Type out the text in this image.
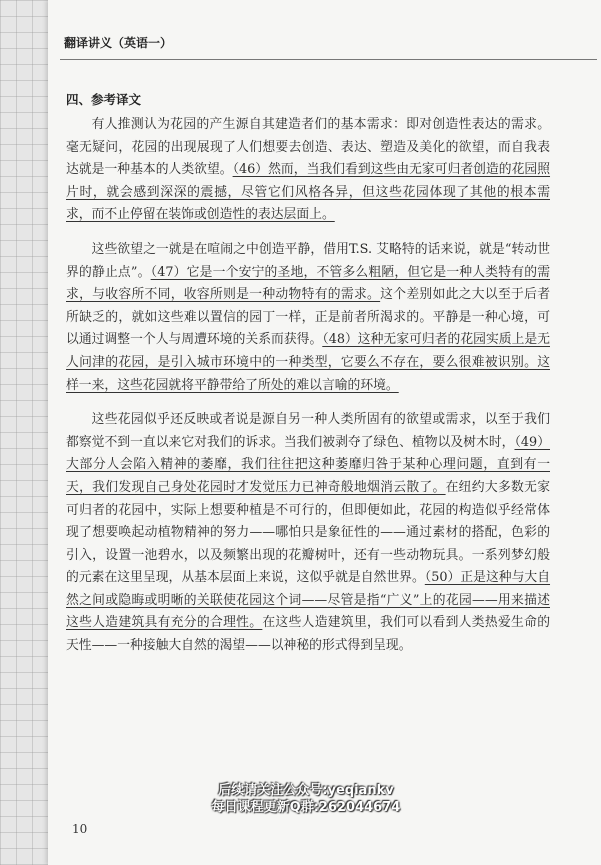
翻译讲义（英语一）
四、参考译文

有人推测认为花园的产生源自其建造者们的基本需求：即对创造性表达的需求。毫无疑问，花园的出现展现了人们想要去创造、表达、塑造及美化的欲望，而自我表达就是一种基本的人类欲望。（46）然而，当我们看到这些由无家可归者创造的花园照片时，就会感到深深的震撼，尽管它们风格各异，但这些花园体现了其他的根本需求，而不止停留在装饰或创造性的表达层面上。

这些欲望之一就是在喧闹之中创造平静，借用T.S. 艾略特的话来说，就是“转动世界的静止点”。（47）它是一个安宁的圣地，不管多么粗陋，但它是一种人类特有的需求，与收容所不同，收容所则是一种动物特有的需求。这个差别如此之大以至于后者所缺乏的，就如这些难以置信的园丁一样，正是前者所渴求的。平静是一种心境，可以通过调整一个人与周遭环境的关系而获得。（48）这种无家可归者的花园实质上是无人问津的花园，是引入城市环境中的一种类型，它要么不存在，要么很难被识别。这样一来，这些花园就将平静带给了所处的难以言喻的环境。

这些花园似乎还反映或者说是源自另一种人类所固有的欲望或需求，以至于我们都察觉不到一直以来它对我们的诉求。当我们被剥夺了绿色、植物以及树木时，（49）大部分人会陷入精神的萎靡，我们往往把这种萎靡归咎于某种心理问题，直到有一天，我们发现自己身处花园时才发觉压力已神奇般地烟消云散了。在纽约大多数无家可归者的花园中，实际上想要种植是不可行的，但即便如此，花园的构造似乎经常体现了想要唤起动植物精神的努力——哪怕只是象征性的——通过素材的搭配，色彩的引入，设置一池碧水，以及频繁出现的花瓣树叶，还有一些动物玩具。一系列梦幻般的元素在这里呈现，从基本层面上来说，这似乎就是自然世界。（50）正是这种与大自然之间或隐晦或明晰的关联使花园这个词——尽管是指“广义”上的花园——用来描述这些人造建筑具有充分的合理性。在这些人造建筑里，我们可以看到人类热爱生命的天性——一种接触大自然的渴望——以神秘的形式得到呈现。

后续请关注公众号:yeqiankv
每日课程更新Q群:262044674
10
